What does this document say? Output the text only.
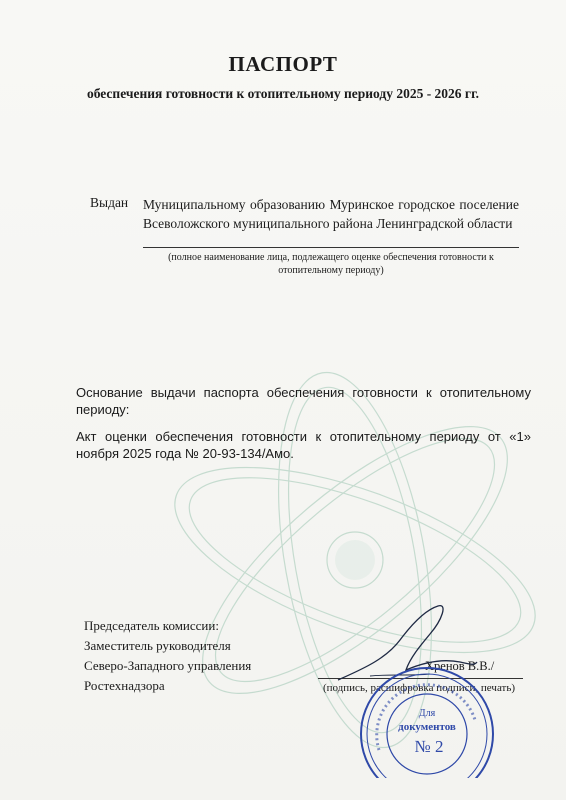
ПАСПОРТ
обеспечения готовности к отопительному периоду 2025 - 2026 гг.
Выдан Муниципальному образованию Муринское городское поселение Всеволожского муниципального района Ленинградской области
(полное наименование лица, подлежащего оценке обеспечения готовности к отопительному периоду)
Основание выдачи паспорта обеспечения готовности к отопительному периоду:
Акт оценки обеспечения готовности к отопительному периоду от «1» ноября 2025 года № 20-93-134/Амо.
Председатель комиссии:
Заместитель руководителя
Северо-Западного управления
Ростехнадзора
Хренов В.В./
(подпись, расшифровка подписи, печать)
Для
документов
№ 2
